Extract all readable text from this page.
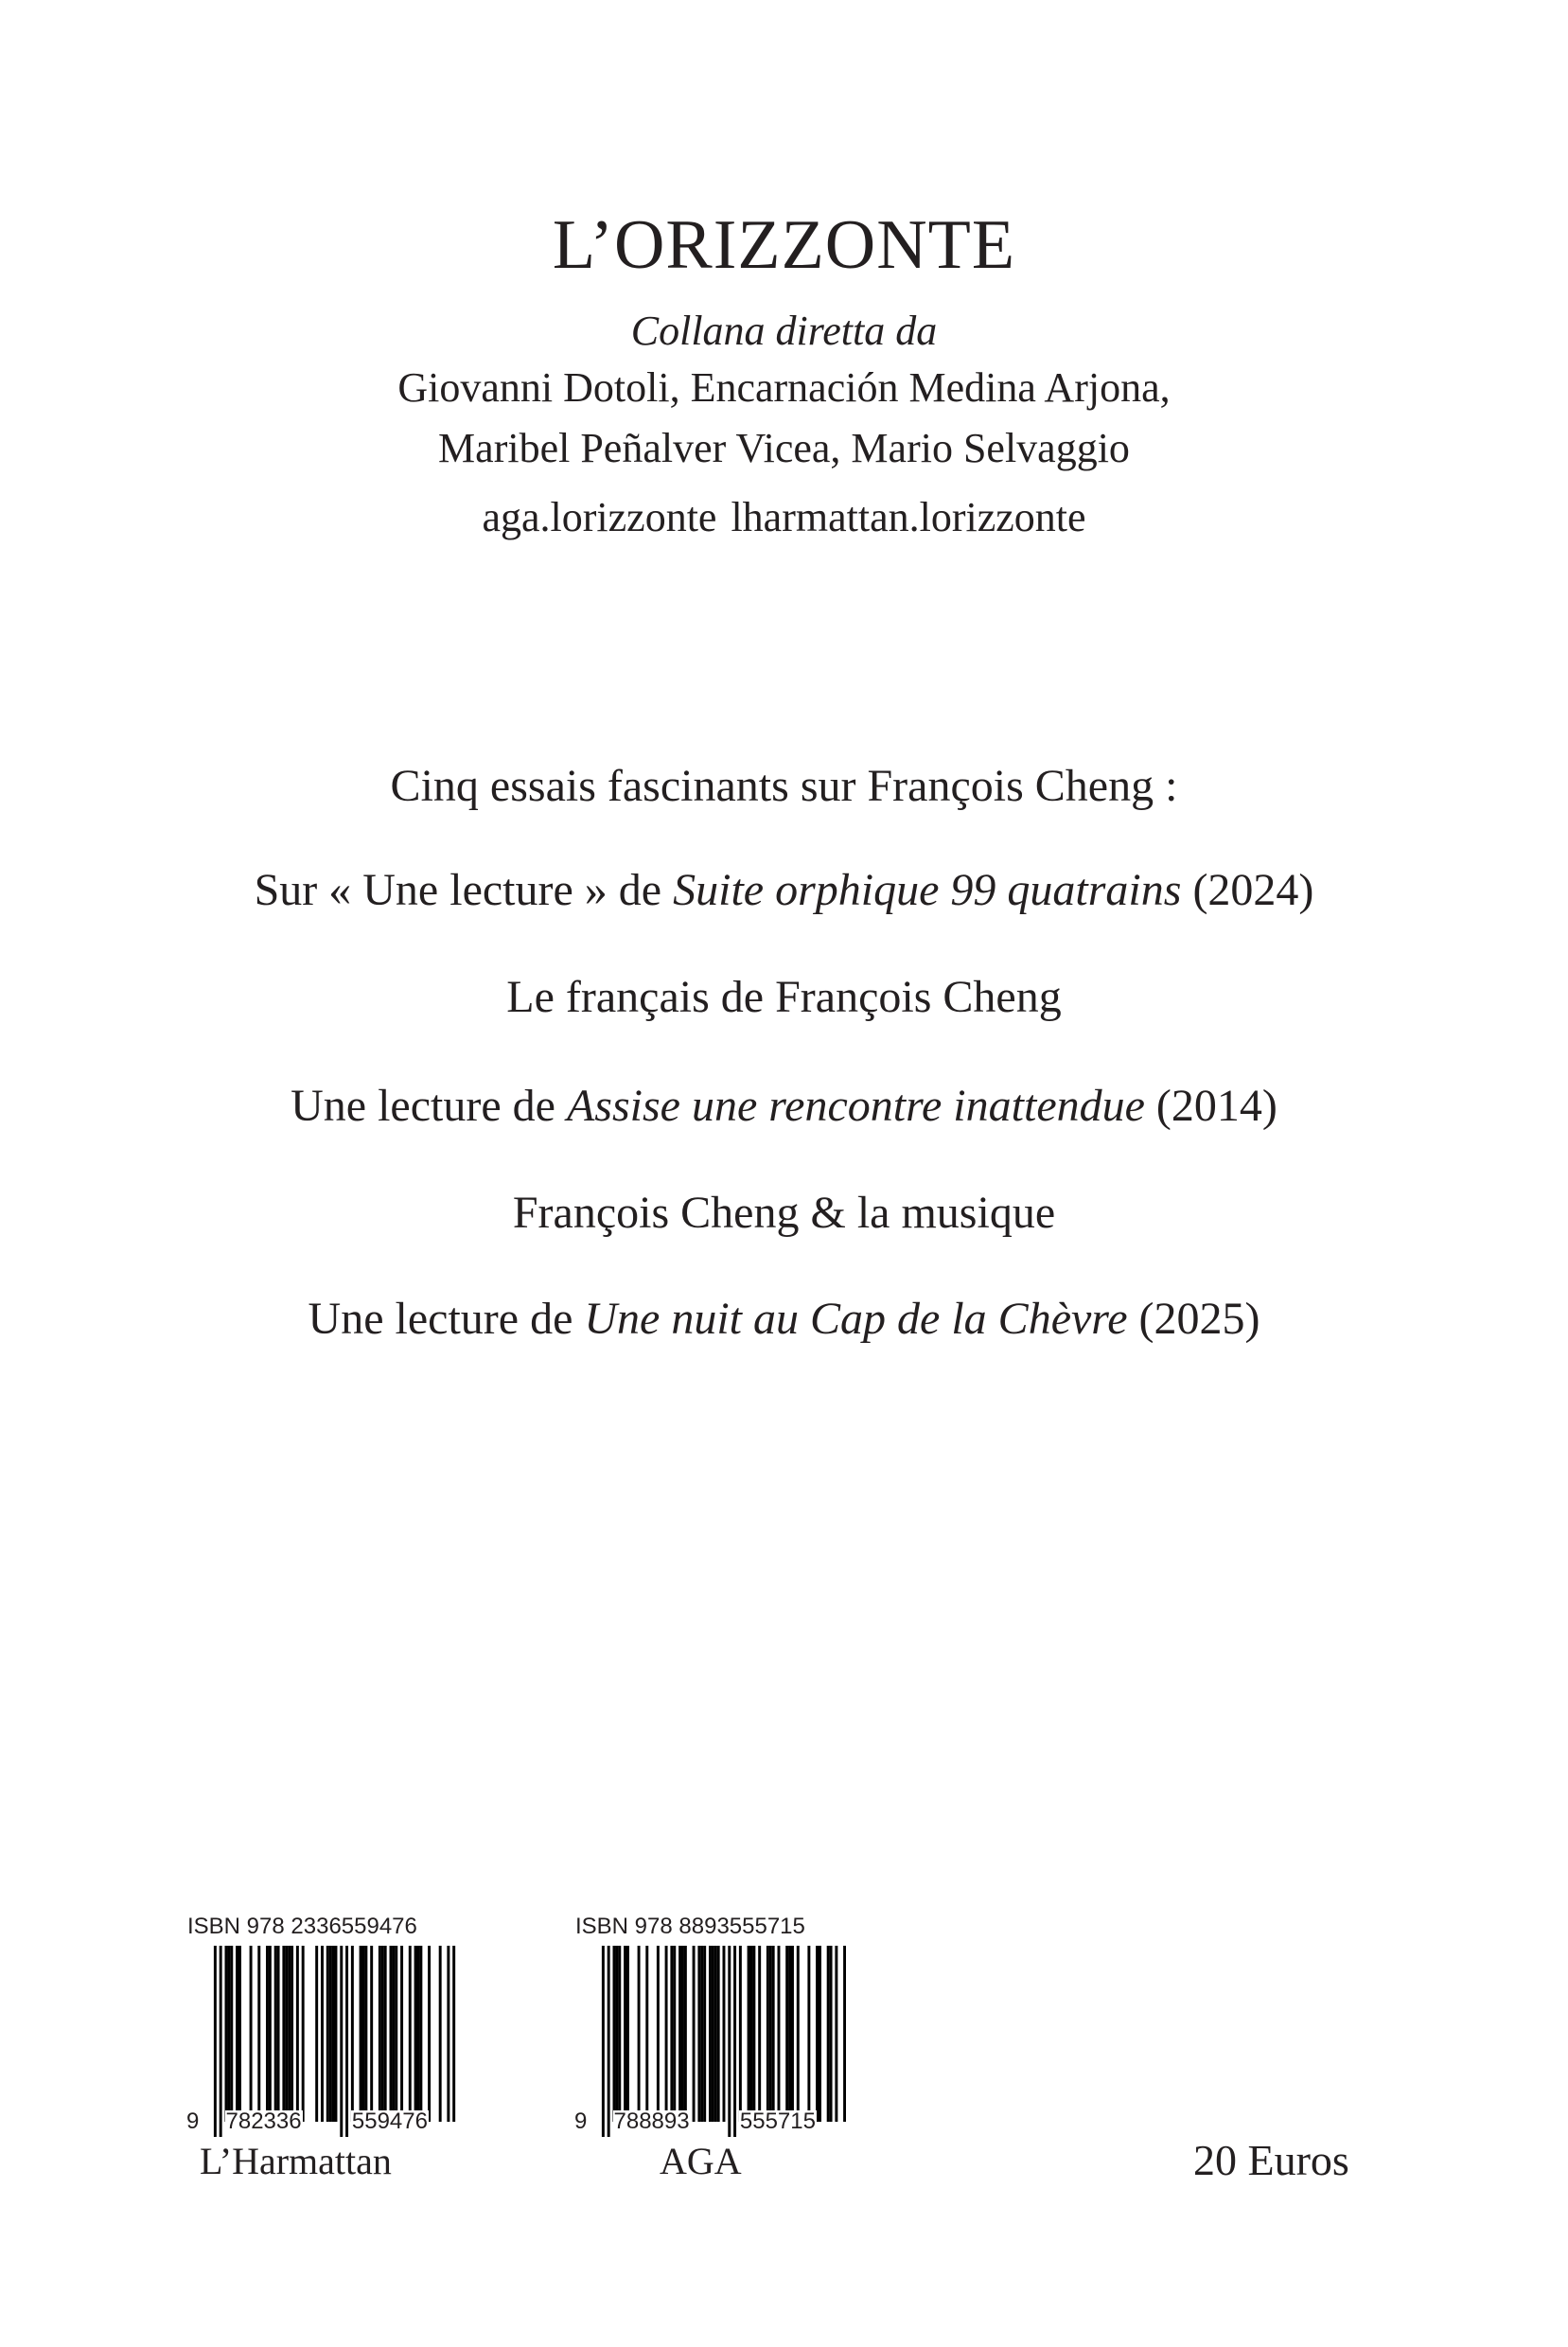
L’ORIZZONTE
Collana diretta da
Giovanni Dotoli, Encarnación Medina Arjona,
Maribel Peñalver Vicea, Mario Selvaggio
aga.lorizzonte lharmattan.lorizzonte
Cinq essais fascinants sur François Cheng :
Sur « Une lecture » de Suite orphique 99 quatrains (2024)
Le français de François Cheng
Une lecture de Assise une rencontre inattendue (2014)
François Cheng & la musique
Une lecture de Une nuit au Cap de la Chèvre (2025)
ISBN 978 2336559476
9 782336 559476
ISBN 978 8893555715
9 788893 555715
L’Harmattan	AGA	20 Euros
